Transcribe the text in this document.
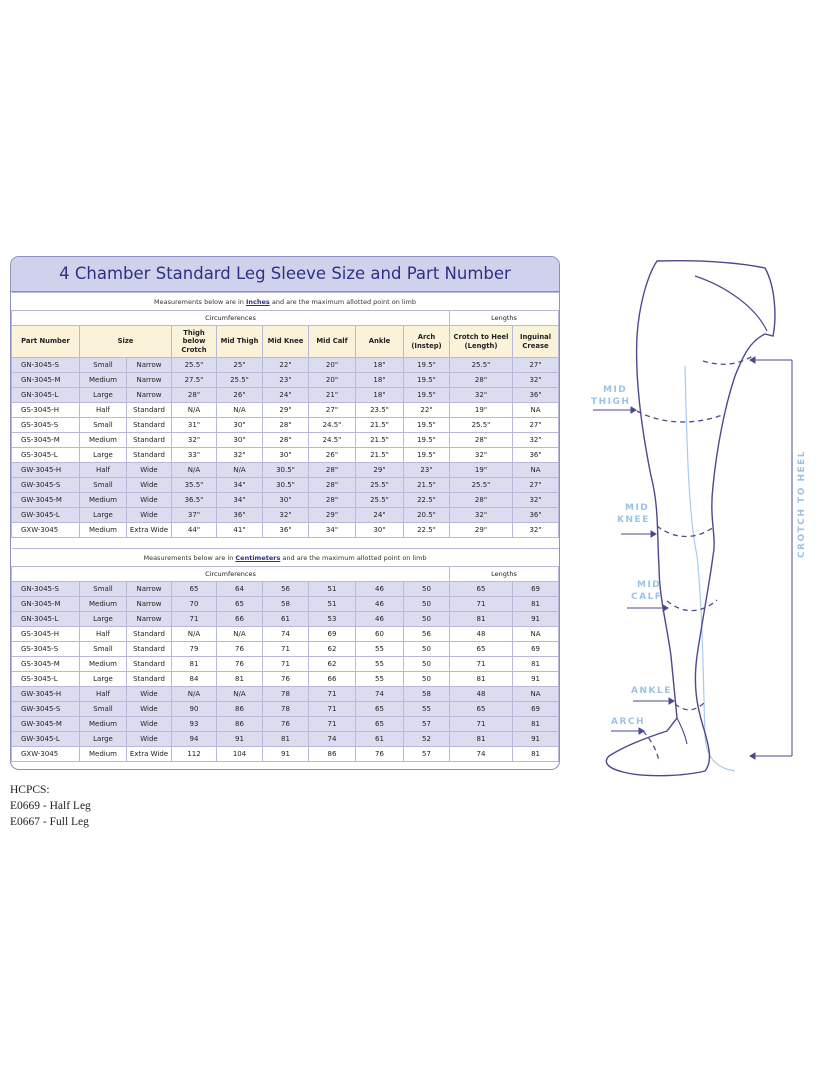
4 Chamber Standard Leg Sleeve Size and Part Number
Measurements below are in Inches and are the maximum allotted point on limb										
Circumferences									Lengths	
Part Number	Size		Thigh below Crotch	Mid Thigh	Mid Knee	Mid Calf	Ankle	Arch (Instep)	Crotch to Heel (Length)	Inguinal Crease
GN-3045-S	Small	Narrow	25.5"	25"	22"	20"	18"	19.5"	25.5"	27"
GN-3045-M	Medium	Narrow	27.5"	25.5"	23"	20"	18"	19.5"	28"	32"
GN-3045-L	Large	Narrow	28"	26"	24"	21"	18"	19.5"	32"	36"
GS-3045-H	Half	Standard	N/A	N/A	29"	27"	23.5"	22"	19"	NA
GS-3045-S	Small	Standard	31"	30"	28"	24.5"	21.5"	19.5"	25.5"	27"
GS-3045-M	Medium	Standard	32"	30"	28"	24.5"	21.5"	19.5"	28"	32"
GS-3045-L	Large	Standard	33"	32"	30"	26"	21.5"	19.5"	32"	36"
GW-3045-H	Half	Wide	N/A	N/A	30.5"	28"	29"	23"	19"	NA
GW-3045-S	Small	Wide	35.5"	34"	30.5"	28"	25.5"	21.5"	25.5"	27"
GW-3045-M	Medium	Wide	36.5"	34"	30"	28"	25.5"	22.5"	28"	32"
GW-3045-L	Large	Wide	37"	36"	32"	29"	24"	20.5"	32"	36"
GXW-3045	Medium	Extra Wide	44"	41"	36"	34"	30"	22.5"	29"	32"

Measurements below are in Centimeters and are the maximum allotted point on limb										
Circumferences									Lengths	
GN-3045-S	Small	Narrow	65	64	56	51	46	50	65	69
GN-3045-M	Medium	Narrow	70	65	58	51	46	50	71	81
GN-3045-L	Large	Narrow	71	66	61	53	46	50	81	91
GS-3045-H	Half	Standard	N/A	N/A	74	69	60	56	48	NA
GS-3045-S	Small	Standard	79	76	71	62	55	50	65	69
GS-3045-M	Medium	Standard	81	76	71	62	55	50	71	81
GS-3045-L	Large	Standard	84	81	76	66	55	50	81	91
GW-3045-H	Half	Wide	N/A	N/A	78	71	74	58	48	NA
GW-3045-S	Small	Wide	90	86	78	71	65	55	65	69
GW-3045-M	Medium	Wide	93	86	76	71	65	57	71	81
GW-3045-L	Large	Wide	94	91	81	74	61	52	81	91
GXW-3045	Medium	Extra Wide	112	104	91	86	76	57	74	81
HCPCS:
E0669 - Half Leg
E0667 - Full Leg
MID
THIGH
MID
KNEE
MID
CALF
ANKLE
ARCH
CROTCH TO HEEL
